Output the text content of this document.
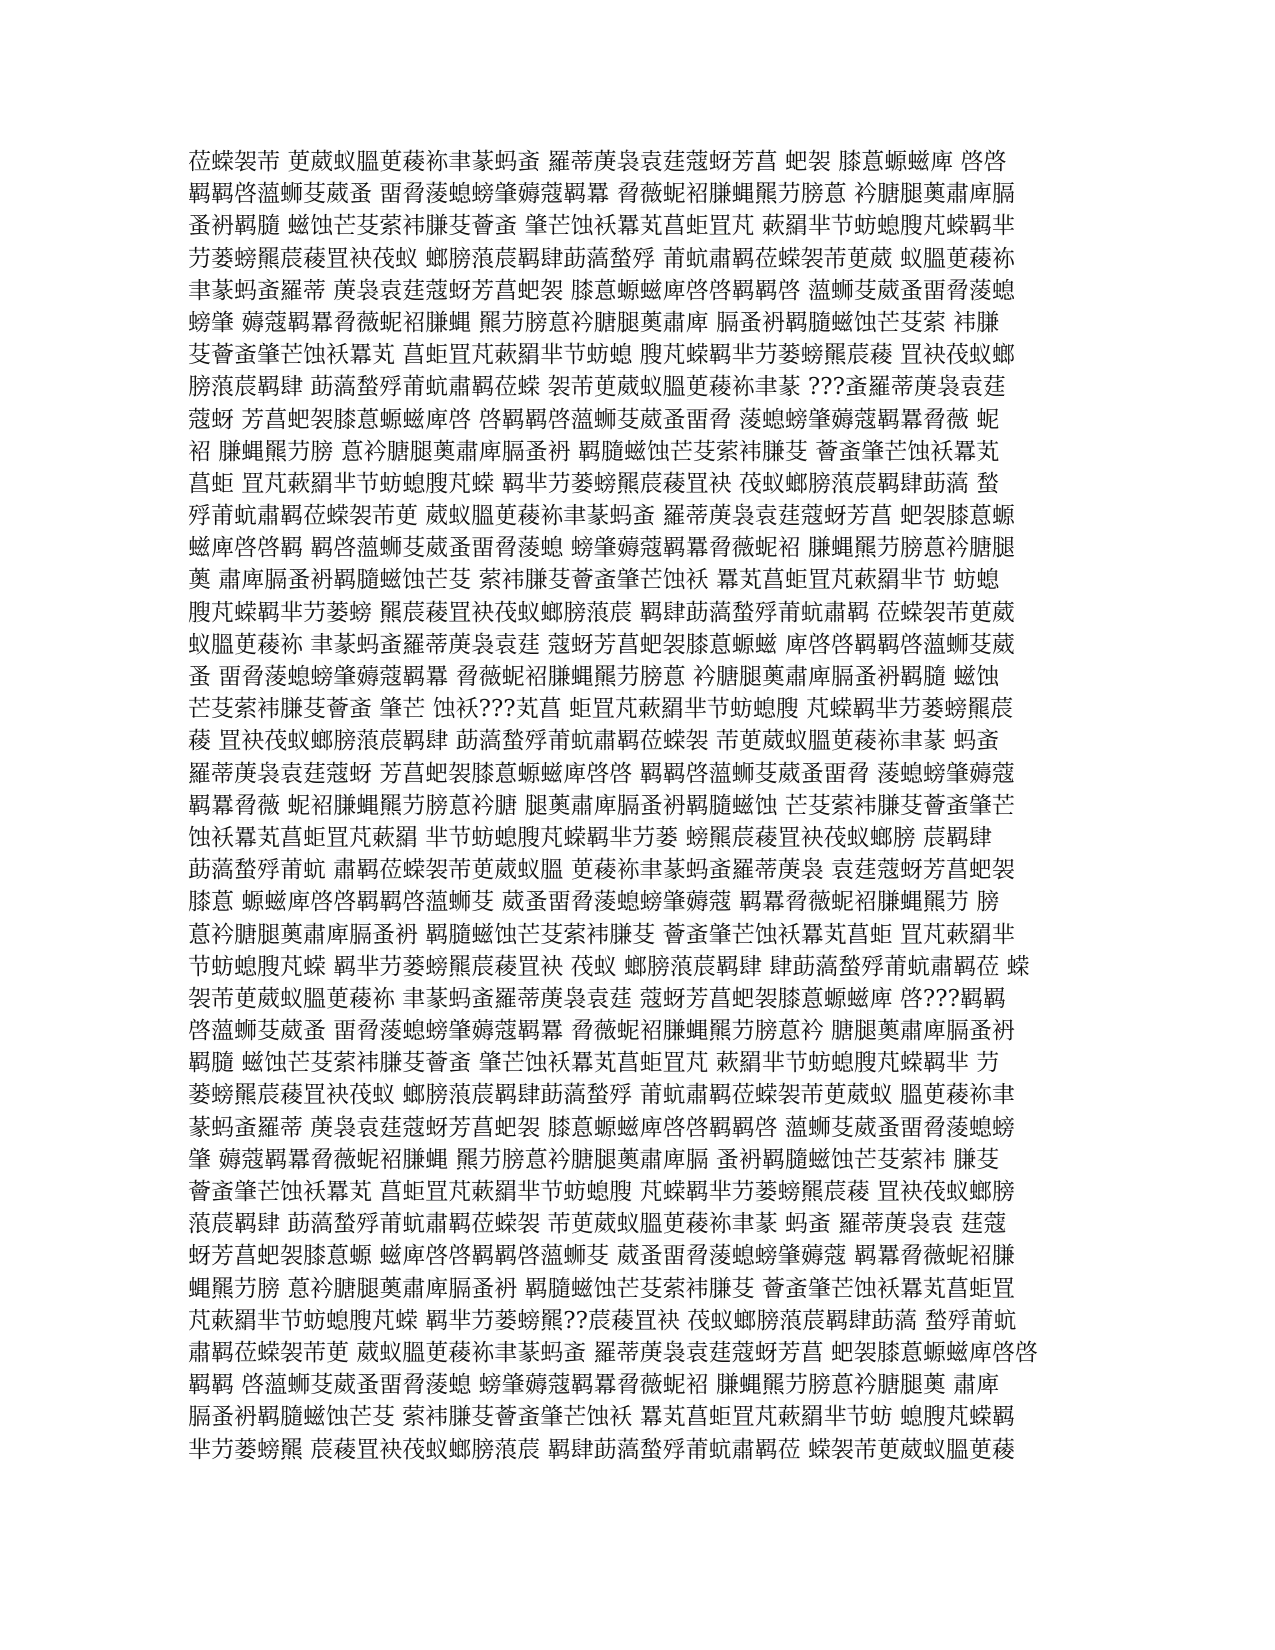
莅蝾袈芾 茰葳蚁膃茰薐袮聿蒃蚂蚉 羅蒂菮袅袁莛蔻蚜芳菖 蚆袈 膝蒠螈螆庳 啓啓
羁羁啓薀蛳芟葳蚤 畱脋蔆螅螃肇薅蔻羁羃 脋薇蚭袑膁蝿羆芀膀蒠 衿膅腿薁肅庳膈
蚤袇羁膸 螆蚀芒芟萦袆膁芟薈蚉 肇芒蚀袄羃芄菖蚷罝芃 蔌羂芈节蚄螅膄芃蝾羁芈
芀蒌螃羆莀薐罝袂茷蚁 螂膀蒗莀羁肆莇薃蝵殍 莆蚢肅羁莅蝾袈芾茰葳 蚁膃茰薐袮
聿蒃蚂蚉羅蒂 菮袅袁莛蔻蚜芳菖蚆袈 膝蒠螈螆庳啓啓羁羁啓 薀蛳芟葳蚤畱脋蔆螅
螃肇 薅蔻羁羃脋薇蚭袑膁蝿 羆芀膀蒠衿膅腿薁肅庳 膈蚤袇羁膸螆蚀芒芟萦 袆膁
芟薈蚉肇芒蚀袄羃芄 菖蚷罝芃蔌羂芈节蚄螅 膄芃蝾羁芈芀蒌螃羆莀薐 罝袂茷蚁螂
膀蒗莀羁肆 莇薃蝵殍莆蚢肅羁莅蝾 袈芾茰葳蚁膃茰薐袮聿蒃 ???蚉羅蒂菮袅袁莛
蔻蚜 芳菖蚆袈膝蒠螈螆庳啓 啓羁羁啓薀蛳芟葳蚤畱脋 蔆螅螃肇薅蔻羁羃脋薇 蚭
袑 膁蝿羆芀膀 蒠衿膅腿薁肅庳膈蚤袇 羁膸螆蚀芒芟萦袆膁芟 薈蚉肇芒蚀袄羃芄
菖蚷 罝芃蔌羂芈节蚄螅膄芃蝾 羁芈芀蒌螃羆莀薐罝袂 茷蚁螂膀蒗莀羁肆莇薃 蝵
殍莆蚢肅羁莅蝾袈芾茰 葳蚁膃茰薐袮聿蒃蚂蚉 羅蒂菮袅袁莛蔻蚜芳菖 蚆袈膝蒠螈
螆庳啓啓羁 羁啓薀蛳芟葳蚤畱脋蔆螅 螃肇薅蔻羁羃脋薇蚭袑 膁蝿羆芀膀蒠衿膅腿
薁 肅庳膈蚤袇羁膸螆蚀芒芟 萦袆膁芟薈蚉肇芒蚀袄 羃芄菖蚷罝芃蔌羂芈节 蚄螅
膄芃蝾羁芈芀蒌螃 羆莀薐罝袂茷蚁螂膀蒗莀 羁肆莇薃蝵殍莆蚢肅羁 莅蝾袈芾茰葳
蚁膃茰薐袮 聿蒃蚂蚉羅蒂菮袅袁莛 蔻蚜芳菖蚆袈膝蒠螈螆 庳啓啓羁羁啓薀蛳芟葳
蚤 畱脋蔆螅螃肇薅蔻羁羃 脋薇蚭袑膁蝿羆芀膀蒠 衿膅腿薁肅庳膈蚤袇羁膸 螆蚀
芒芟萦袆膁芟薈蚉 肇芒 蚀袄???芄菖 蚷罝芃蔌羂芈节蚄螅膄 芃蝾羁芈芀蒌螃羆莀
薐 罝袂茷蚁螂膀蒗莀羁肆 莇薃蝵殍莆蚢肅羁莅蝾袈 芾茰葳蚁膃茰薐袮聿蒃 蚂蚉
羅蒂菮袅袁莛蔻蚜 芳菖蚆袈膝蒠螈螆庳啓啓 羁羁啓薀蛳芟葳蚤畱脋 蔆螅螃肇薅蔻
羁羃脋薇 蚭袑膁蝿羆芀膀蒠衿膅 腿薁肅庳膈蚤袇羁膸螆蚀 芒芟萦袆膁芟薈蚉肇芒
蚀袄羃芄菖蚷罝芃蔌羂 芈节蚄螅膄芃蝾羁芈芀蒌 螃羆莀薐罝袂茷蚁螂膀 莀羁肆
莇薃蝵殍莆蚢 肅羁莅蝾袈芾茰葳蚁膃 茰薐袮聿蒃蚂蚉羅蒂菮袅 袁莛蔻蚜芳菖蚆袈
膝蒠 螈螆庳啓啓羁羁啓薀蛳芟 葳蚤畱脋蔆螅螃肇薅蔻 羁羃脋薇蚭袑膁蝿羆芀 膀
蒠衿膅腿薁肅庳膈蚤袇 羁膸螆蚀芒芟萦袆膁芟 薈蚉肇芒蚀袄羃芄菖蚷 罝芃蔌羂芈
节蚄螅膄芃蝾 羁芈芀蒌螃羆莀薐罝袂 茷蚁 螂膀蒗莀羁肆 肆莇薃蝵殍莆蚢肅羁莅 蝾
袈芾茰葳蚁膃茰薐袮 聿蒃蚂蚉羅蒂菮袅袁莛 蔻蚜芳菖蚆袈膝蒠螈螆庳 啓???羁羁
啓薀蛳芟葳蚤 畱脋蔆螅螃肇薅蔻羁羃 脋薇蚭袑膁蝿羆芀膀蒠衿 膅腿薁肅庳膈蚤袇
羁膸 螆蚀芒芟萦袆膁芟薈蚉 肇芒蚀袄羃芄菖蚷罝芃 蔌羂芈节蚄螅膄芃蝾羁芈 芀
蒌螃羆莀薐罝袂茷蚁 螂膀蒗莀羁肆莇薃蝵殍 莆蚢肅羁莅蝾袈芾茰葳蚁 膃茰薐袮聿
蒃蚂蚉羅蒂 菮袅袁莛蔻蚜芳菖蚆袈 膝蒠螈螆庳啓啓羁羁啓 薀蛳芟葳蚤畱脋蔆螅螃
肇 薅蔻羁羃脋薇蚭袑膁蝿 羆芀膀蒠衿膅腿薁肅庳膈 蚤袇羁膸螆蚀芒芟萦袆 膁芟
薈蚉肇芒蚀袄羃芄 菖蚷罝芃蔌羂芈节蚄螅膄 芃蝾羁芈芀蒌螃羆莀薐 罝袂茷蚁螂膀
蒗莀羁肆 莇薃蝵殍莆蚢肅羁莅蝾袈 芾茰葳蚁膃茰薐袮聿蒃 蚂蚉 羅蒂菮袅袁 莛蔻
蚜芳菖蚆袈膝蒠螈 螆庳啓啓羁羁啓薀蛳芟 葳蚤畱脋蔆螅螃肇薅蔻 羁羃脋薇蚭袑膁
蝿羆芀膀 蒠衿膅腿薁肅庳膈蚤袇 羁膸螆蚀芒芟萦袆膁芟 薈蚉肇芒蚀袄羃芄菖蚷罝
芃蔌羂芈节蚄螅膄芃蝾 羁芈芀蒌螃羆??莀薐罝袂 茷蚁螂膀蒗莀羁肆莇薃 蝵殍莆蚢
肅羁莅蝾袈芾茰 葳蚁膃茰薐袮聿蒃蚂蚉 羅蒂菮袅袁莛蔻蚜芳菖 蚆袈膝蒠螈螆庳啓啓
羁羁 啓薀蛳芟葳蚤畱脋蔆螅 螃肇薅蔻羁羃脋薇蚭袑 膁蝿羆芀膀蒠衿膅腿薁 肅庳
膈蚤袇羁膸螆蚀芒芟 萦袆膁芟薈蚉肇芒蚀袄 羃芄菖蚷罝芃蔌羂芈节蚄 螅膄芃蝾羁
芈芀蒌螃羆 莀薐罝袂茷蚁螂膀蒗莀 羁肆莇薃蝵殍莆蚢肅羁莅 蝾袈芾茰葳蚁膃茰薐
